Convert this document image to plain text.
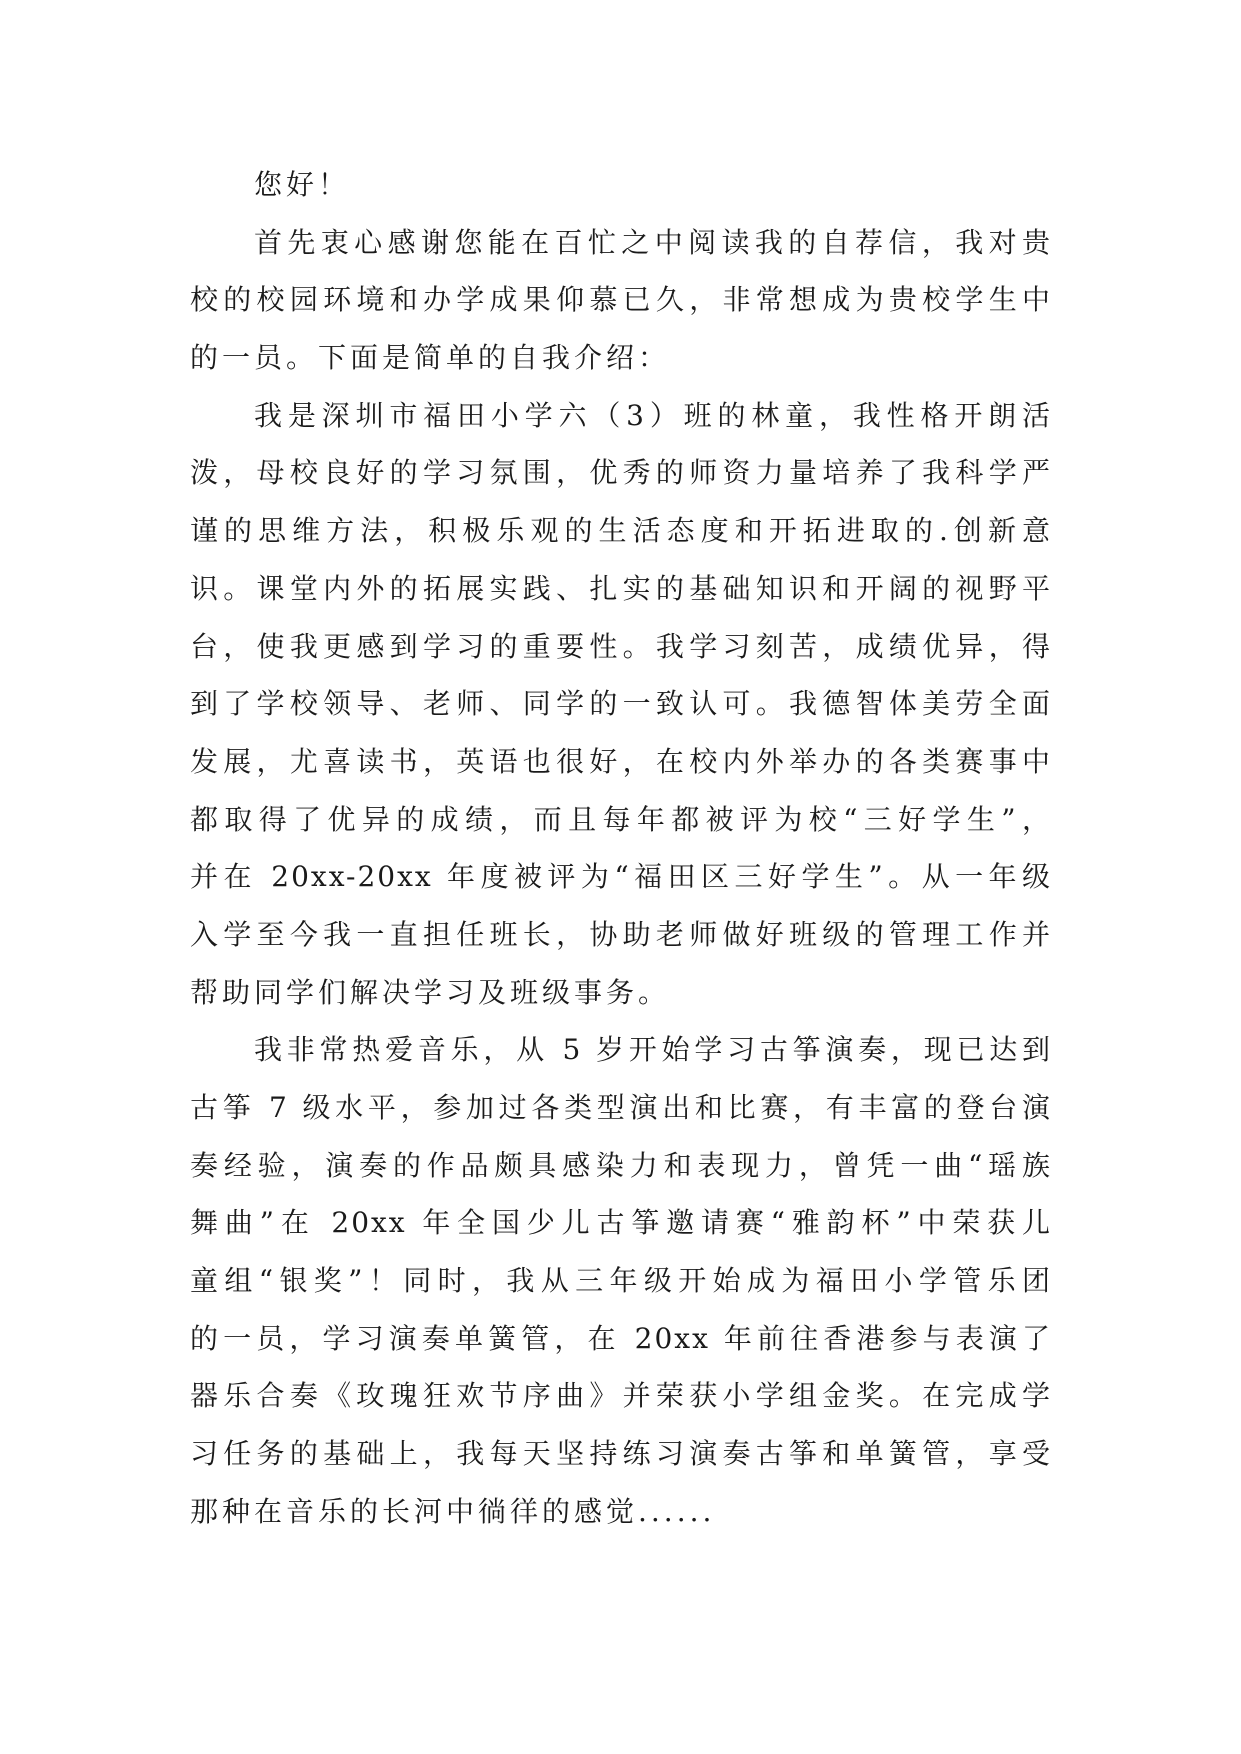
您好！
首先衷心感谢您能在百忙之中阅读我的自荐信，我对贵
校的校园环境和办学成果仰慕已久，非常想成为贵校学生中
的一员。下面是简单的自我介绍：
我是深圳市福田小学六（3）班的林童，我性格开朗活
泼，母校良好的学习氛围，优秀的师资力量培养了我科学严
谨的思维方法，积极乐观的生活态度和开拓进取的.创新意
识。课堂内外的拓展实践、扎实的基础知识和开阔的视野平
台，使我更感到学习的重要性。我学习刻苦，成绩优异，得
到了学校领导、老师、同学的一致认可。我德智体美劳全面
发展，尤喜读书，英语也很好，在校内外举办的各类赛事中
都取得了优异的成绩，而且每年都被评为校“三好学生”，
并在 20xx-20xx 年度被评为“福田区三好学生”。从一年级
入学至今我一直担任班长，协助老师做好班级的管理工作并
帮助同学们解决学习及班级事务。
我非常热爱音乐，从 5 岁开始学习古筝演奏，现已达到
古筝 7 级水平，参加过各类型演出和比赛，有丰富的登台演
奏经验，演奏的作品颇具感染力和表现力，曾凭一曲“瑶族
舞曲”在 20xx 年全国少儿古筝邀请赛“雅韵杯”中荣获儿
童组“银奖”！同时，我从三年级开始成为福田小学管乐团
的一员，学习演奏单簧管，在 20xx 年前往香港参与表演了
器乐合奏《玫瑰狂欢节序曲》并荣获小学组金奖。在完成学
习任务的基础上，我每天坚持练习演奏古筝和单簧管，享受
那种在音乐的长河中徜徉的感觉......
